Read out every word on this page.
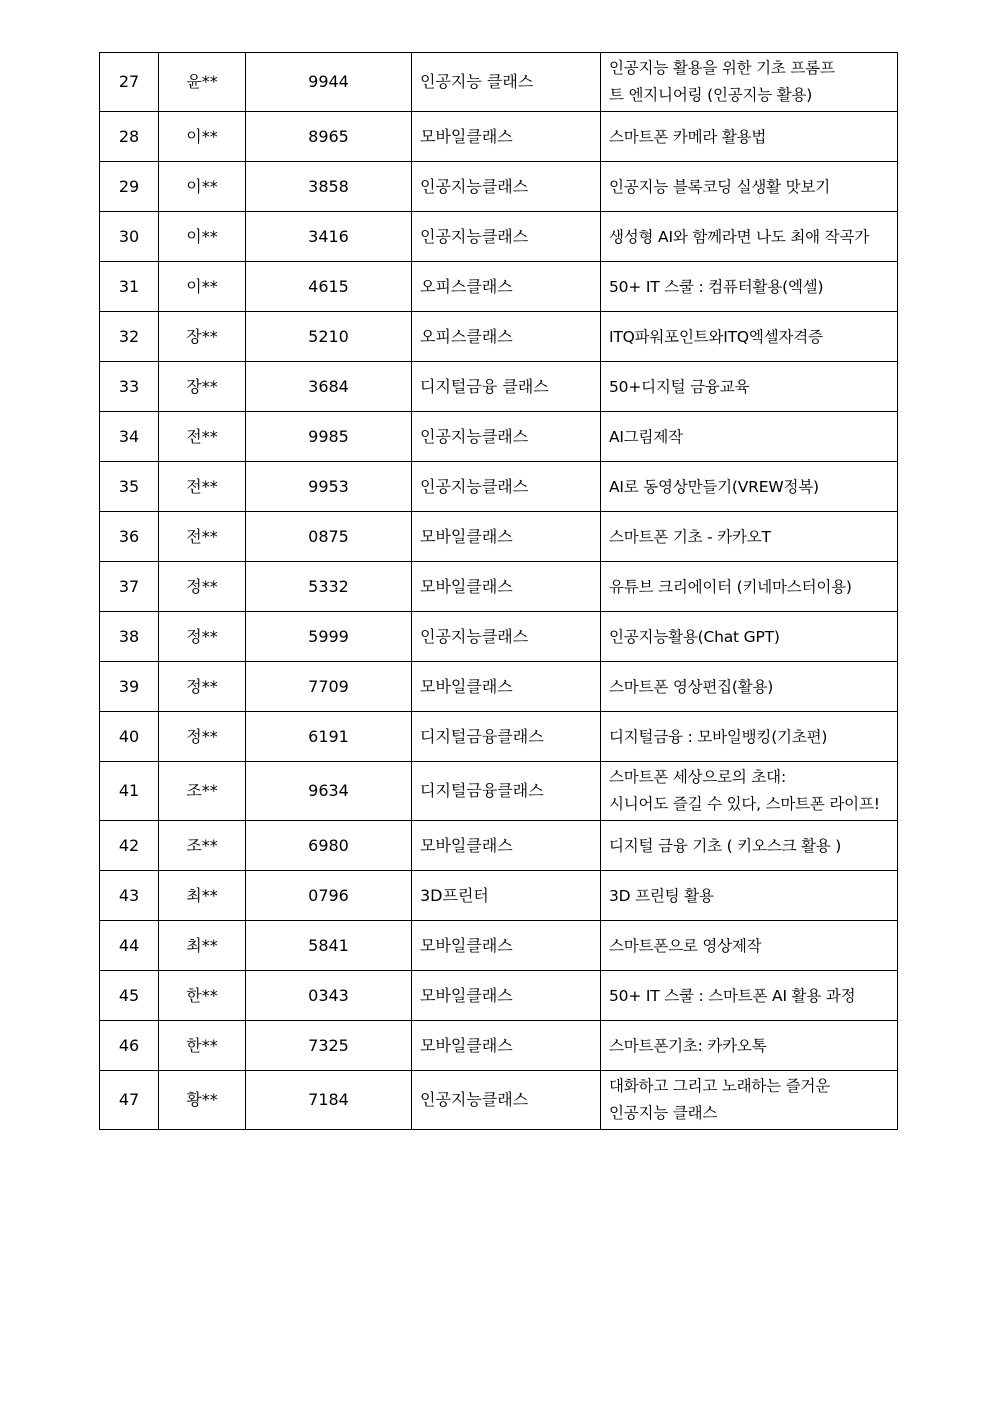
27	윤**	9944	인공지능 클래스	인공지능 활용을 위한 기초 프롬프
트 엔지니어링 (인공지능 활용)
28	이**	8965	모바일클래스	스마트폰 카메라 활용법
29	이**	3858	인공지능클래스	인공지능 블록코딩 실생활 맛보기
30	이**	3416	인공지능클래스	생성형 AI와 함께라면 나도 최애 작곡가
31	이**	4615	오피스클래스	50+ IT 스쿨 : 컴퓨터활용(엑셀)
32	장**	5210	오피스클래스	ITQ파워포인트와ITQ엑셀자격증
33	장**	3684	디지털금융 클래스	50+디지털 금융교육
34	전**	9985	인공지능클래스	AI그림제작
35	전**	9953	인공지능클래스	AI로 동영상만들기(VREW정복)
36	전**	0875	모바일클래스	스마트폰 기초 - 카카오T
37	정**	5332	모바일클래스	유튜브 크리에이터 (키네마스터이용)
38	정**	5999	인공지능클래스	인공지능활용(Chat GPT)
39	정**	7709	모바일클래스	스마트폰 영상편집(활용)
40	정**	6191	디지털금융클래스	디지털금융 : 모바일뱅킹(기초편)
41	조**	9634	디지털금융클래스	스마트폰 세상으로의 초대:
시니어도 즐길 수 있다, 스마트폰 라이프!
42	조**	6980	모바일클래스	디지털 금융 기초 ( 키오스크 활용 )
43	최**	0796	3D프린터	3D 프린팅 활용
44	최**	5841	모바일클래스	스마트폰으로 영상제작
45	한**	0343	모바일클래스	50+ IT 스쿨 : 스마트폰 AI 활용 과정
46	한**	7325	모바일클래스	스마트폰기초: 카카오톡
47	황**	7184	인공지능클래스	대화하고 그리고 노래하는 즐거운
인공지능 클래스
